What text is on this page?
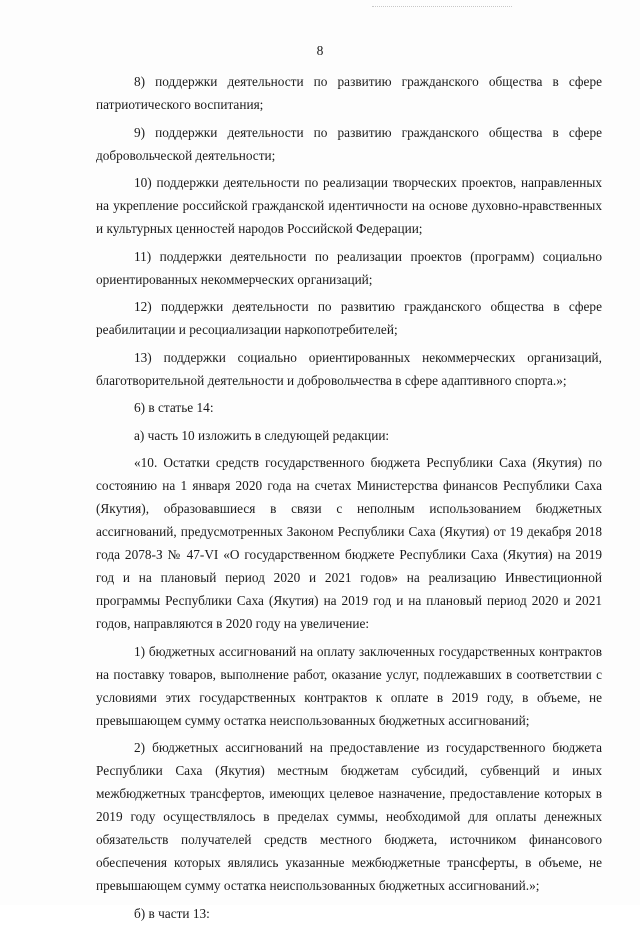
8

8) поддержки деятельности по развитию гражданского общества в сфере патриотического воспитания;

9) поддержки деятельности по развитию гражданского общества в сфере добровольческой деятельности;

10) поддержки деятельности по реализации творческих проектов, направленных на укрепление российской гражданской идентичности на основе духовно-нравственных и культурных ценностей народов Российской Федерации;

11) поддержки деятельности по реализации проектов (программ) социально ориентированных некоммерческих организаций;

12) поддержки деятельности по развитию гражданского общества в сфере реабилитации и ресоциализации наркопотребителей;

13) поддержки социально ориентированных некоммерческих организаций, благотворительной деятельности и добровольчества в сфере адаптивного спорта.»;

6) в статье 14:

а) часть 10 изложить в следующей редакции:

«10. Остатки средств государственного бюджета Республики Саха (Якутия) по состоянию на 1 января 2020 года на счетах Министерства финансов Республики Саха (Якутия), образовавшиеся в связи с неполным использованием бюджетных ассигнований, предусмотренных Законом Республики Саха (Якутия) от 19 декабря 2018 года 2078-З № 47-VI «О государственном бюджете Республики Саха (Якутия) на 2019 год и на плановый период 2020 и 2021 годов» на реализацию Инвестиционной программы Республики Саха (Якутия) на 2019 год и на плановый период 2020 и 2021 годов, направляются в 2020 году на увеличение:

1) бюджетных ассигнований на оплату заключенных государственных контрактов на поставку товаров, выполнение работ, оказание услуг, подлежавших в соответствии с условиями этих государственных контрактов к оплате в 2019 году, в объеме, не превышающем сумму остатка неиспользованных бюджетных ассигнований;

2) бюджетных ассигнований на предоставление из государственного бюджета Республики Саха (Якутия) местным бюджетам субсидий, субвенций и иных межбюджетных трансфертов, имеющих целевое назначение, предоставление которых в 2019 году осуществлялось в пределах суммы, необходимой для оплаты денежных обязательств получателей средств местного бюджета, источником финансового обеспечения которых являлись указанные межбюджетные трансферты, в объеме, не превышающем сумму остатка неиспользованных бюджетных ассигнований.»;

б) в части 13:
